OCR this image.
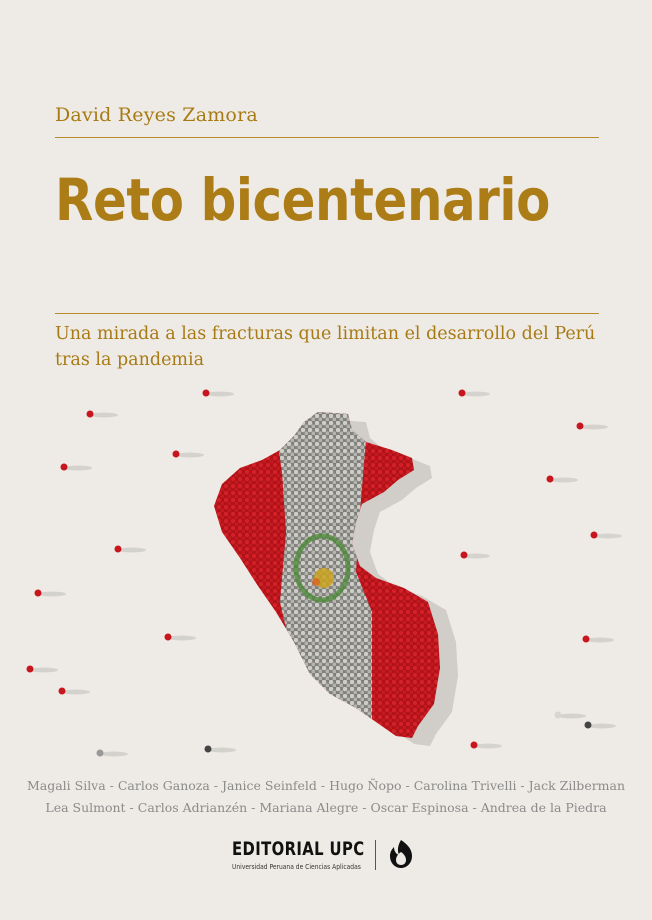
David Reyes Zamora
Reto bicentenario
Una mirada a las fracturas que limitan el desarrollo del Perú
tras la pandemia
Magali Silva - Carlos Ganoza - Janice Seinfeld - Hugo Ñopo - Carolina Trivelli - Jack Zilberman
Lea Sulmont - Carlos Adrianzén - Mariana Alegre - Oscar Espinosa - Andrea de la Piedra
EDITORIAL UPC
Universidad Peruana de Ciencias Aplicadas
